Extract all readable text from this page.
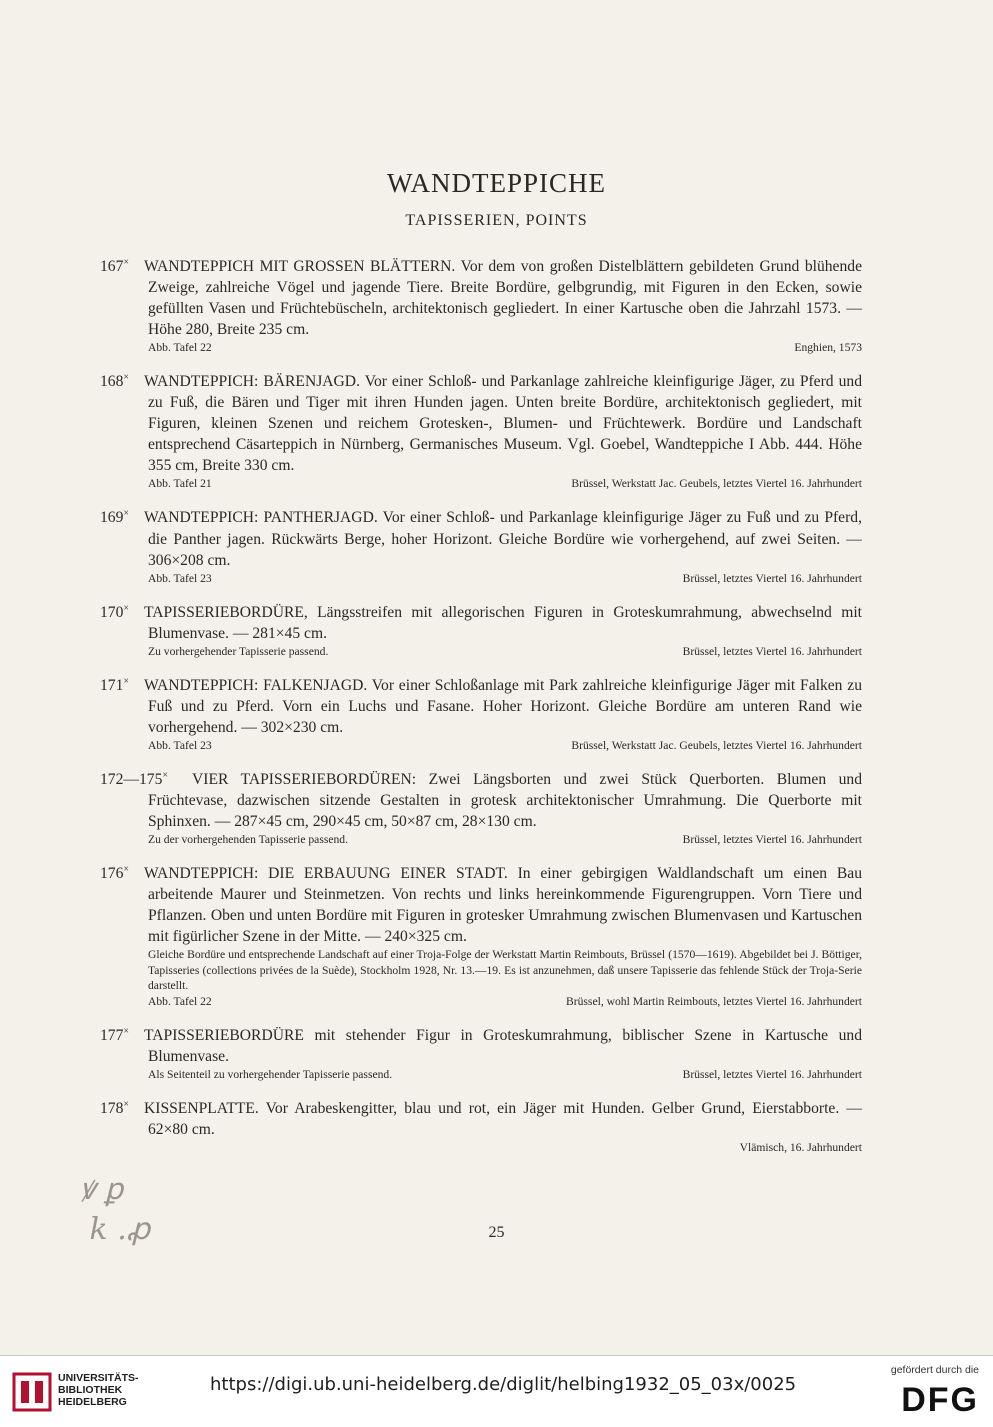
WANDTEPPICHE
TAPISSERIEN, POINTS
167× WANDTEPPICH MIT GROSSEN BLÄTTERN. Vor dem von großen Distelblättern gebildeten Grund blühende Zweige, zahlreiche Vögel und jagende Tiere. Breite Bordüre, gelbgrundig, mit Figuren in den Ecken, sowie gefüllten Vasen und Früchtebüscheln, architektonisch gegliedert. In einer Kartusche oben die Jahrzahl 1573. — Höhe 280, Breite 235 cm.
Abb. Tafel 22	Enghien, 1573
168× WANDTEPPICH: BÄRENJAGD. Vor einer Schloß- und Parkanlage zahlreiche kleinfigurige Jäger, zu Pferd und zu Fuß, die Bären und Tiger mit ihren Hunden jagen. Unten breite Bordüre, architektonisch gegliedert, mit Figuren, kleinen Szenen und reichem Grotesken-, Blumen- und Früchtewerk. Bordüre und Landschaft entsprechend Cäsarteppich in Nürnberg, Germanisches Museum. Vgl. Goebel, Wandteppiche I Abb. 444. Höhe 355 cm, Breite 330 cm.
Abb. Tafel 21	Brüssel, Werkstatt Jac. Geubels, letztes Viertel 16. Jahrhundert
169× WANDTEPPICH: PANTHERJAGD. Vor einer Schloß- und Parkanlage kleinfigurige Jäger zu Fuß und zu Pferd, die Panther jagen. Rückwärts Berge, hoher Horizont. Gleiche Bordüre wie vorhergehend, auf zwei Seiten. — 306×208 cm.
Abb. Tafel 23	Brüssel, letztes Viertel 16. Jahrhundert
170× TAPISSERIEBORDÜRE, Längsstreifen mit allegorischen Figuren in Groteskumrahmung, abwechselnd mit Blumenvase. — 281×45 cm.
Zu vorhergehender Tapisserie passend.	Brüssel, letztes Viertel 16. Jahrhundert
171× WANDTEPPICH: FALKENJAGD. Vor einer Schloßanlage mit Park zahlreiche kleinfigurige Jäger mit Falken zu Fuß und zu Pferd. Vorn ein Luchs und Fasane. Hoher Horizont. Gleiche Bordüre am unteren Rand wie vorhergehend. — 302×230 cm.
Abb. Tafel 23	Brüssel, Werkstatt Jac. Geubels, letztes Viertel 16. Jahrhundert
172—175× VIER TAPISSERIEBORDÜREN: Zwei Längsborten und zwei Stück Querborten. Blumen und Früchtevase, dazwischen sitzende Gestalten in grotesk architektonischer Umrahmung. Die Querborte mit Sphinxen. — 287×45 cm, 290×45 cm, 50×87 cm, 28×130 cm.
Zu der vorhergehenden Tapisserie passend.	Brüssel, letztes Viertel 16. Jahrhundert
176× WANDTEPPICH: DIE ERBAUUNG EINER STADT. In einer gebirgigen Waldlandschaft um einen Bau arbeitende Maurer und Steinmetzen. Von rechts und links hereinkommende Figurengruppen. Vorn Tiere und Pflanzen. Oben und unten Bordüre mit Figuren in grotesker Umrahmung zwischen Blumenvasen und Kartuschen mit figürlicher Szene in der Mitte. — 240×325 cm.
Gleiche Bordüre und entsprechende Landschaft auf einer Troja-Folge der Werkstatt Martin Reimbouts, Brüssel (1570—1619). Abgebildet bei J. Böttiger, Tapisseries (collections privées de la Suède), Stockholm 1928, Nr. 13.—19. Es ist anzunehmen, daß unsere Tapisserie das fehlende Stück der Troja-Serie darstellt.
Abb. Tafel 22	Brüssel, wohl Martin Reimbouts, letztes Viertel 16. Jahrhundert
177× TAPISSERIEBORDÜRE mit stehender Figur in Groteskumrahmung, biblischer Szene in Kartusche und Blumenvase.
Als Seitenteil zu vorhergehender Tapisserie passend.	Brüssel, letztes Viertel 16. Jahrhundert
178× KISSENPLATTE. Vor Arabeskengitter, blau und rot, ein Jäger mit Hunden. Gelber Grund, Eierstabborte. — 62×80 cm.
Vlämisch, 16. Jahrhundert
ꝟ ꝑ
k .ꝓ	25
UNIVERSITÄTS-
BIBLIOTHEK
HEIDELBERG
https://digi.ub.uni-heidelberg.de/diglit/helbing1932_05_03x/0025
gefördert durch die
DFG
